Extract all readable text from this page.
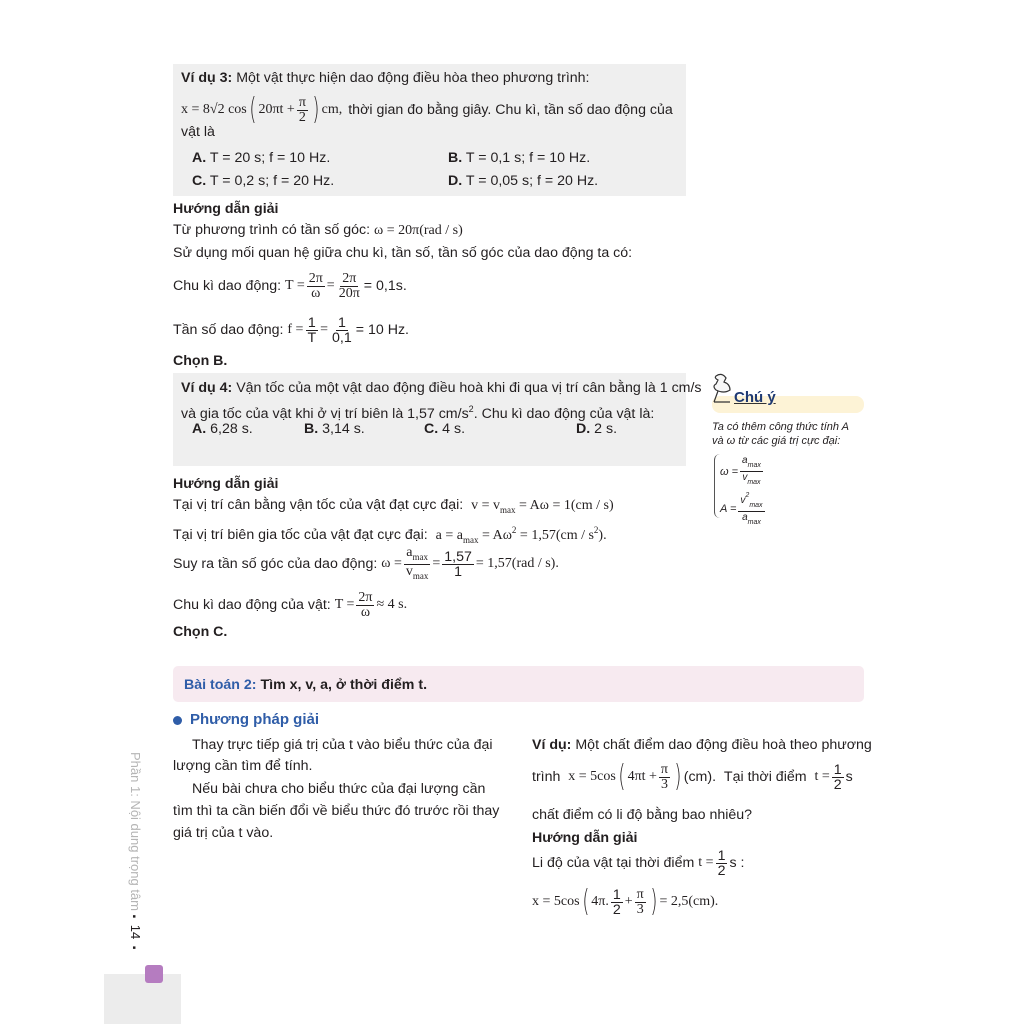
Ví dụ 3: Một vật thực hiện dao động điều hòa theo phương trình:
x = 8√2 cos ( $20\pi t + \frac{\pi}{2}$ ) cm, thời gian đo bằng giây. Chu kì, tần số dao động của
vật là
A. T = 20 s; f = 10 Hz.	B. T = 0,1 s; f = 10 Hz.
C. T = 0,2 s; f = 20 Hz.	D. T = 0,05 s; f = 20 Hz.
Hướng dẫn giải
Từ phương trình có tần số góc: ω = 20π(rad / s)
Sử dụng mối quan hệ giữa chu kì, tần số, tần số góc của dao động ta có:
Chu kì dao động:
$T = \frac{2\pi}{\omega} = \frac{2\pi}{20\pi} = 0,1s$.
Tần số dao động:
$f = \frac{1}{T} = \frac{1}{0,1} = 10$ Hz.
Chọn B.
Ví dụ 4: Vận tốc của một vật dao động điều hoà khi đi qua vị trí cân bằng là 1 cm/s
và gia tốc của vật khi ở vị trí biên là 1,57 $cm/s^2$. Chu kì dao động của vật là:
A. 6,28 s.	B. 3,14 s.	C. 4 s.	D. 2 s.
Chú ý
Ta có thêm công thức tính A
và ω từ các giá trị cực đại:
$\omega = \frac{a_{max}}{v_{max}}$
$A = \frac{v^2_{max}}{a_{max}}$
Hướng dẫn giải
Tại vị trí cân bằng vận tốc của vật đạt cực đại: $v = v_{max} = A\omega = 1(cm / s)$
Tại vị trí biên gia tốc của vật đạt cực đại: $a = a_{max} = A\omega^2 = 1,57(cm / s^2)$.
Suy ra tần số góc của dao động:
$\omega = \frac{a_{max}}{v_{max}} = \frac{1,57}{1} = 1,57(rad / s)$.
Chu kì dao động của vật:
$T = \frac{2\pi}{\omega} \approx 4$ s.
Chọn C.
Bài toán 2: Tìm x, v, a, ở thời điểm t.
Phương pháp giải
Thay trực tiếp giá trị của t vào biểu thức của đại
lượng cần tìm để tính.
Nếu bài chưa cho biểu thức của đại lượng cần
tìm thì ta cần biến đổi về biểu thức đó trước rồi thay
giá trị của t vào.
Ví dụ: Một chất điểm dao động điều hoà theo phương
trình
x = 5cos ( $4\pi t + \frac{\pi}{3}$ ) (cm).
Tại thời điểm
$t = \frac{1}{2}$ s
chất điểm có li độ bằng bao nhiêu?
Hướng dẫn giải
Li độ của vật tại thời điểm
$t = \frac{1}{2}$ s :
x = 5cos ( 4π. $\frac{1}{2} + \frac{\pi}{3}$ ) = 2,5(cm).
Phần 1: Nội dung trọng tâm ▪ 14 ▪
